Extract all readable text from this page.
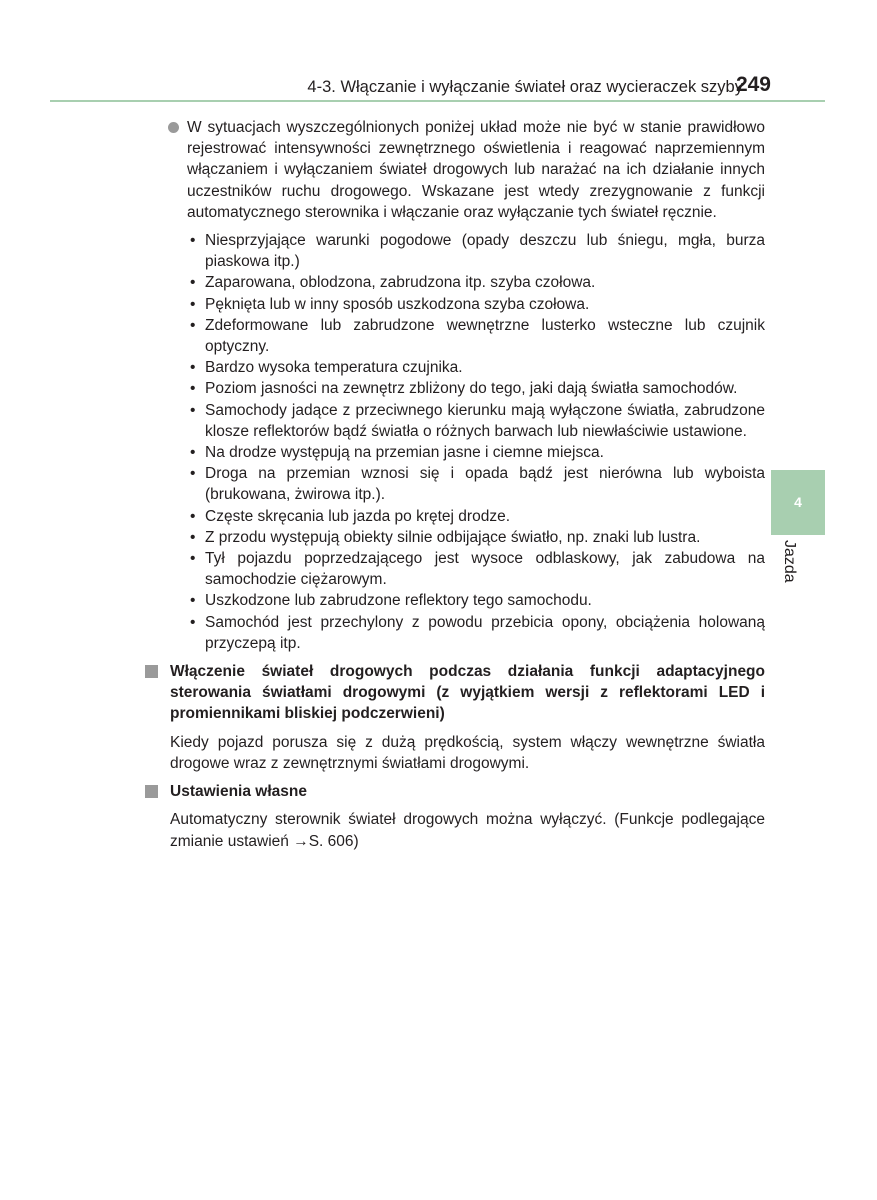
4-3. Włączanie i wyłączanie świateł oraz wycieraczek szyby
249
4
Jazda
W sytuacjach wyszczególnionych poniżej układ może nie być w stanie prawidłowo rejestrować intensywności zewnętrznego oświetlenia i reagować naprzemiennym włączaniem i wyłączaniem świateł drogowych lub narażać na ich działanie innych uczestników ruchu drogowego. Wskazane jest wtedy zrezygnowanie z funkcji automatycznego sterownika i włączanie oraz wyłączanie tych świateł ręcznie.
• Niesprzyjające warunki pogodowe (opady deszczu lub śniegu, mgła, burza piaskowa itp.)
• Zaparowana, oblodzona, zabrudzona itp. szyba czołowa.
• Pęknięta lub w inny sposób uszkodzona szyba czołowa.
• Zdeformowane lub zabrudzone wewnętrzne lusterko wsteczne lub czujnik optyczny.
• Bardzo wysoka temperatura czujnika.
• Poziom jasności na zewnętrz zbliżony do tego, jaki dają światła samochodów.
• Samochody jadące z przeciwnego kierunku mają wyłączone światła, zabrudzone klosze reflektorów bądź światła o różnych barwach lub niewłaściwie ustawione.
• Na drodze występują na przemian jasne i ciemne miejsca.
• Droga na przemian wznosi się i opada bądź jest nierówna lub wyboista (brukowana, żwirowa itp.).
• Częste skręcania lub jazda po krętej drodze.
• Z przodu występują obiekty silnie odbijające światło, np. znaki lub lustra.
• Tył pojazdu poprzedzającego jest wysoce odblaskowy, jak zabudowa na samochodzie ciężarowym.
• Uszkodzone lub zabrudzone reflektory tego samochodu.
• Samochód jest przechylony z powodu przebicia opony, obciążenia holowaną przyczepą itp.
Włączenie świateł drogowych podczas działania funkcji adaptacyjnego sterowania światłami drogowymi (z wyjątkiem wersji z reflektorami LED i promiennikami bliskiej podczerwieni)
Kiedy pojazd porusza się z dużą prędkością, system włączy wewnętrzne światła drogowe wraz z zewnętrznymi światłami drogowymi.
Ustawienia własne
Automatyczny sterownik świateł drogowych można wyłączyć. (Funkcje podlegające zmianie ustawień →S. 606)
